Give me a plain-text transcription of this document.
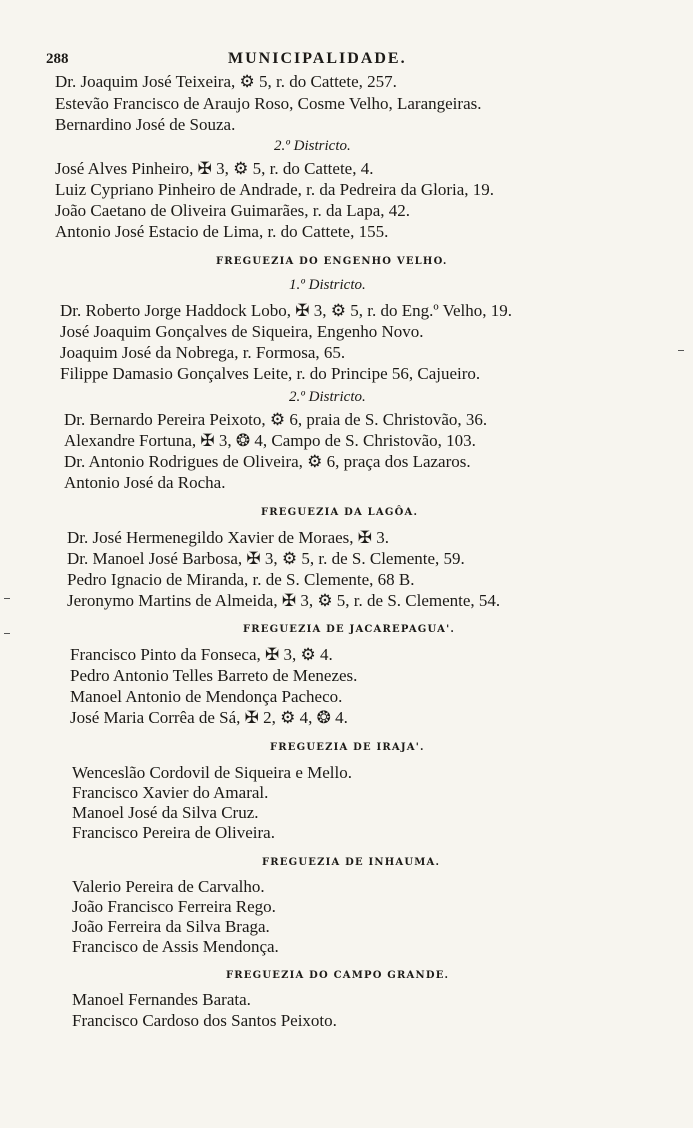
288	MUNICIPALIDADE.
Dr. Joaquim José Teixeira, ⚙ 5, r. do Cattete, 257.
Estevão Francisco de Araujo Roso, Cosme Velho, Larangeiras.
Bernardino José de Souza.
2.º Districto.
José Alves Pinheiro, ✠ 3, ⚙ 5, r. do Cattete, 4.
Luiz Cypriano Pinheiro de Andrade, r. da Pedreira da Gloria, 19.
João Caetano de Oliveira Guimarães, r. da Lapa, 42.
Antonio José Estacio de Lima, r. do Cattete, 155.
FREGUEZIA DO ENGENHO VELHO.
1.º Districto.
Dr. Roberto Jorge Haddock Lobo, ✠ 3, ⚙ 5, r. do Eng.º Velho, 19.
José Joaquim Gonçalves de Siqueira, Engenho Novo.
Joaquim José da Nobrega, r. Formosa, 65.
Filippe Damasio Gonçalves Leite, r. do Principe 56, Cajueiro.
2.º Districto.
Dr. Bernardo Pereira Peixoto, ⚙ 6, praia de S. Christovão, 36.
Alexandre Fortuna, ✠ 3, ❂ 4, Campo de S. Christovão, 103.
Dr. Antonio Rodrigues de Oliveira, ⚙ 6, praça dos Lazaros.
Antonio José da Rocha.
FREGUEZIA DA LAGÔA.
Dr. José Hermenegildo Xavier de Moraes, ✠ 3.
Dr. Manoel José Barbosa, ✠ 3, ⚙ 5, r. de S. Clemente, 59.
Pedro Ignacio de Miranda, r. de S. Clemente, 68 B.
Jeronymo Martins de Almeida, ✠ 3, ⚙ 5, r. de S. Clemente, 54.
FREGUEZIA DE JACAREPAGUA'.
Francisco Pinto da Fonseca, ✠ 3, ⚙ 4.
Pedro Antonio Telles Barreto de Menezes.
Manoel Antonio de Mendonça Pacheco.
José Maria Corrêa de Sá, ✠ 2, ⚙ 4, ❂ 4.
FREGUEZIA DE IRAJA'.
Wenceslão Cordovil de Siqueira e Mello.
Francisco Xavier do Amaral.
Manoel José da Silva Cruz.
Francisco Pereira de Oliveira.
FREGUEZIA DE INHAUMA.
Valerio Pereira de Carvalho.
João Francisco Ferreira Rego.
João Ferreira da Silva Braga.
Francisco de Assis Mendonça.
FREGUEZIA DO CAMPO GRANDE.
Manoel Fernandes Barata.
Francisco Cardoso dos Santos Peixoto.
